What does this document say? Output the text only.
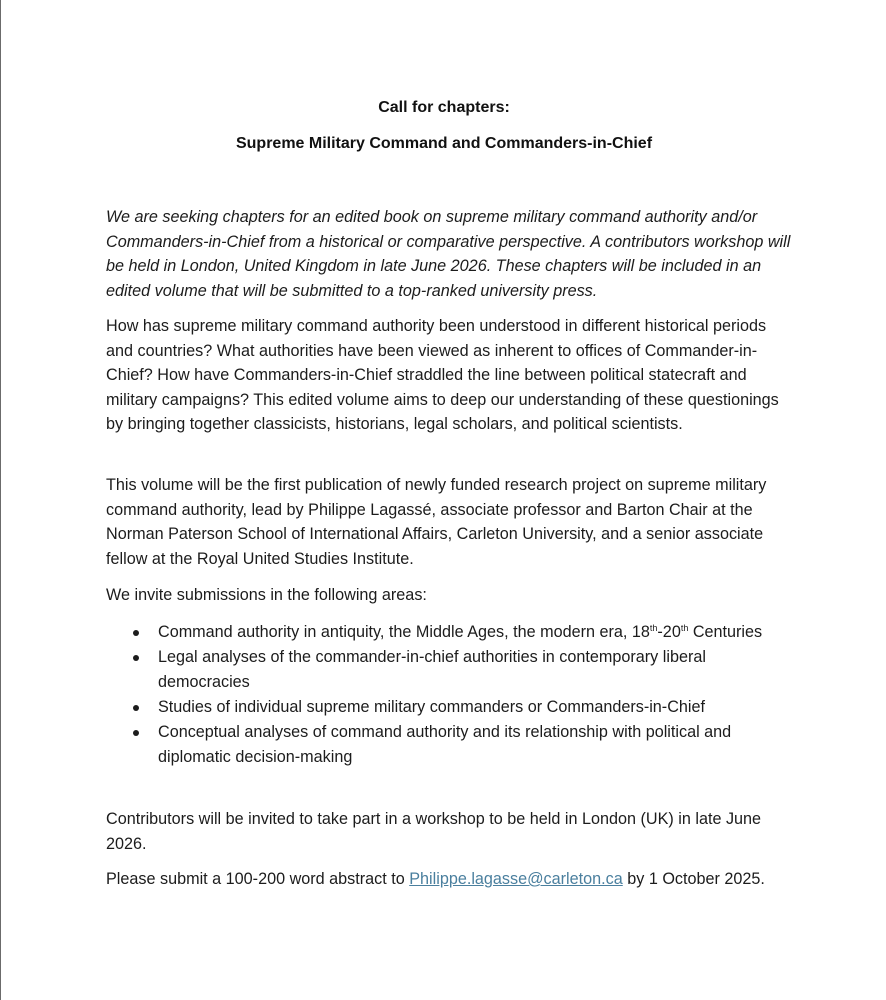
Call for chapters:
Supreme Military Command and Commanders-in-Chief

We are seeking chapters for an edited book on supreme military command authority and/or Commanders-in-Chief from a historical or comparative perspective. A contributors workshop will be held in London, United Kingdom in late June 2026. These chapters will be included in an edited volume that will be submitted to a top-ranked university press.

How has supreme military command authority been understood in different historical periods and countries? What authorities have been viewed as inherent to offices of Commander-in-Chief? How have Commanders-in-Chief straddled the line between political statecraft and military campaigns? This edited volume aims to deep our understanding of these questionings by bringing together classicists, historians, legal scholars, and political scientists.

This volume will be the first publication of newly funded research project on supreme military command authority, lead by Philippe Lagassé, associate professor and Barton Chair at the Norman Paterson School of International Affairs, Carleton University, and a senior associate fellow at the Royal United Studies Institute.

We invite submissions in the following areas:

Command authority in antiquity, the Middle Ages, the modern era, 18th-20th Centuries
Legal analyses of the commander-in-chief authorities in contemporary liberal democracies
Studies of individual supreme military commanders or Commanders-in-Chief
Conceptual analyses of command authority and its relationship with political and diplomatic decision-making

Contributors will be invited to take part in a workshop to be held in London (UK) in late June 2026.

Please submit a 100-200 word abstract to Philippe.lagasse@carleton.ca by 1 October 2025.
